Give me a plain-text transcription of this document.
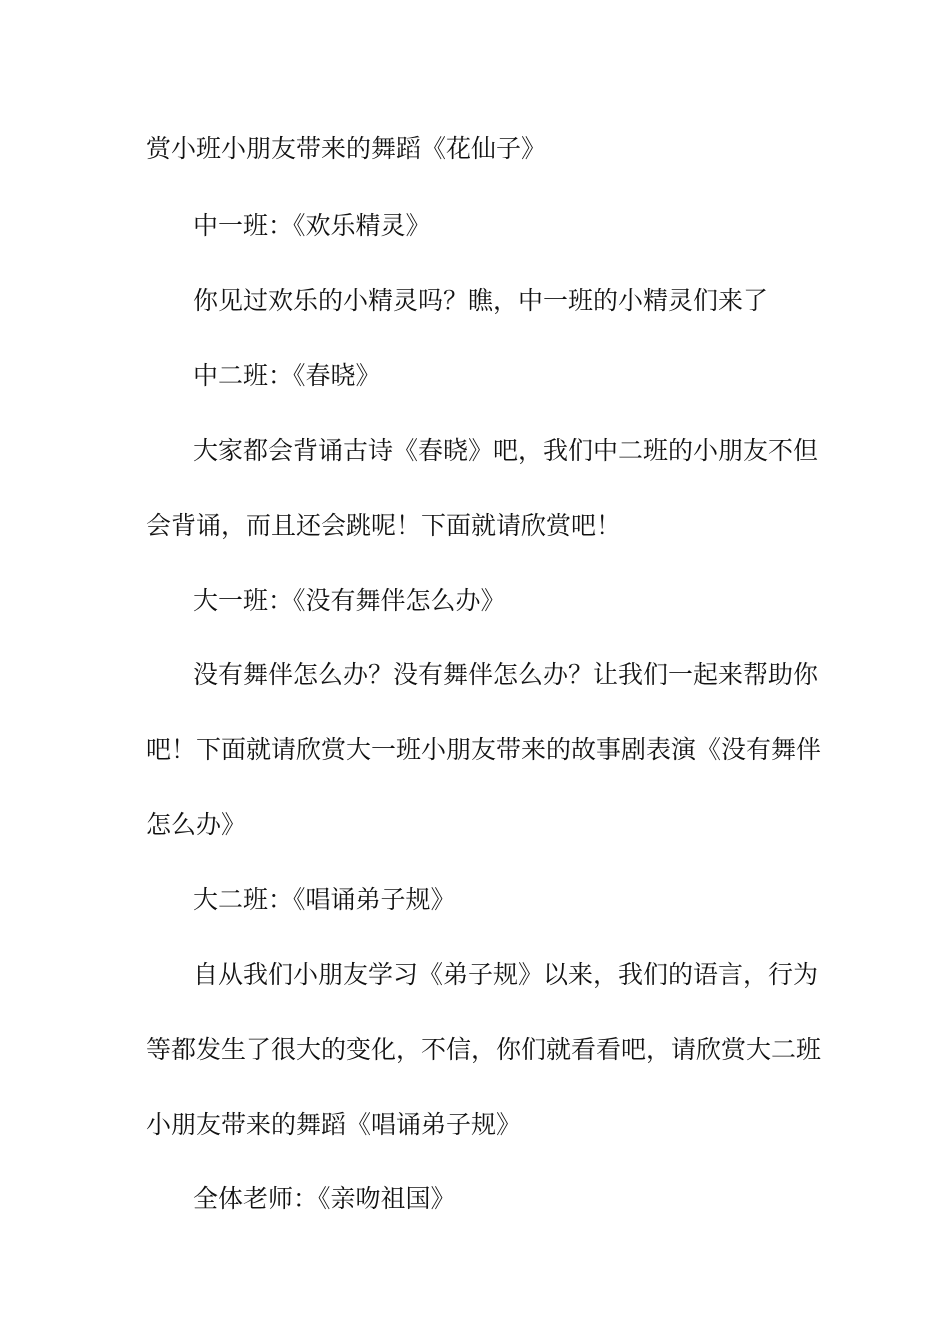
赏小班小朋友带来的舞蹈《花仙子》
中一班：《欢乐精灵》
你见过欢乐的小精灵吗？瞧，中一班的小精灵们来了
中二班：《春晓》
大家都会背诵古诗《春晓》吧，我们中二班的小朋友不但
会背诵，而且还会跳呢！下面就请欣赏吧！
大一班：《没有舞伴怎么办》
没有舞伴怎么办？没有舞伴怎么办？让我们一起来帮助你
吧！下面就请欣赏大一班小朋友带来的故事剧表演《没有舞伴
怎么办》
大二班：《唱诵弟子规》
自从我们小朋友学习《弟子规》以来，我们的语言，行为
等都发生了很大的变化，不信，你们就看看吧，请欣赏大二班
小朋友带来的舞蹈《唱诵弟子规》
全体老师：《亲吻祖国》
